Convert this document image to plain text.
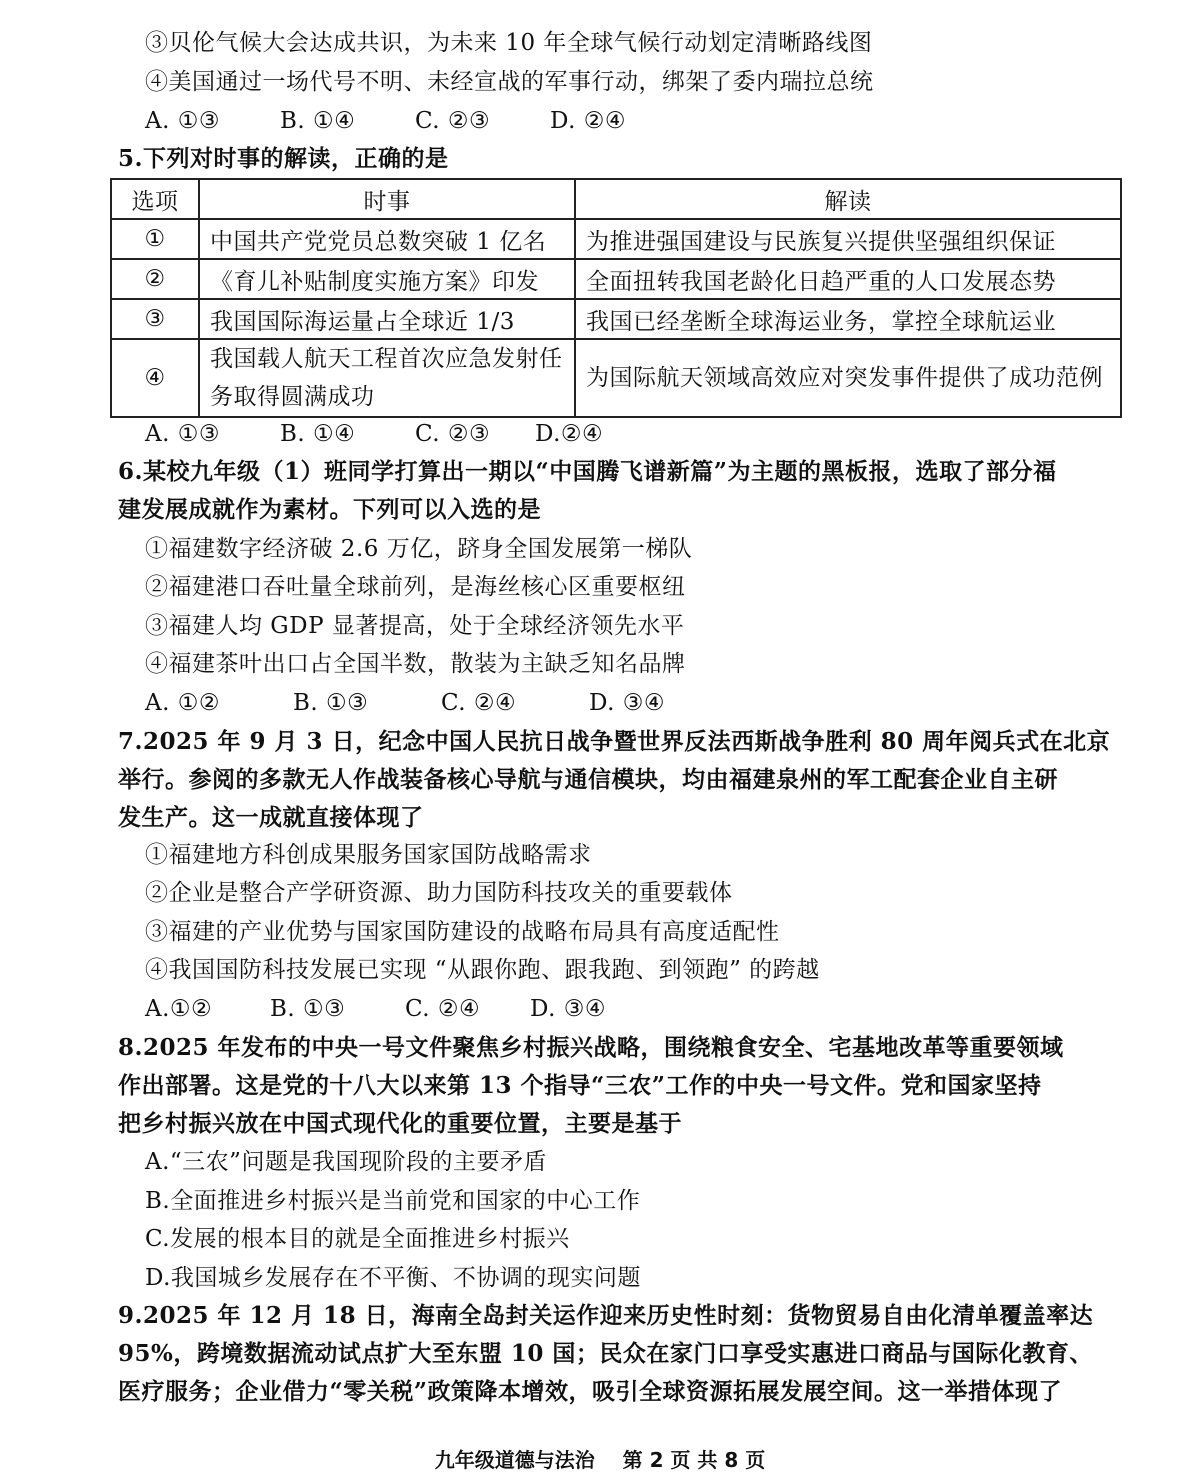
③贝伦气候大会达成共识，为未来 10 年全球气候行动划定清晰路线图
④美国通过一场代号不明、未经宣战的军事行动，绑架了委内瑞拉总统
A. ①③	B. ①④	C. ②③	D. ②④
5.下列对时事的解读，正确的是
选项	时事	解读
①	中国共产党党员总数突破 1 亿名	为推进强国建设与民族复兴提供坚强组织保证
②	《育儿补贴制度实施方案》印发	全面扭转我国老龄化日趋严重的人口发展态势
③	我国国际海运量占全球近 1/3	我国已经垄断全球海运业务，掌控全球航运业
④	我国载人航天工程首次应急发射任务取得圆满成功	为国际航天领域高效应对突发事件提供了成功范例
A. ①③	B. ①④	C. ②③ D.②④
6.某校九年级（1）班同学打算出一期以“中国腾飞谱新篇”为主题的黑板报，选取了部分福
建发展成就作为素材。下列可以入选的是
①福建数字经济破 2.6 万亿，跻身全国发展第一梯队
②福建港口吞吐量全球前列，是海丝核心区重要枢纽
③福建人均 GDP 显著提高，处于全球经济领先水平
④福建茶叶出口占全国半数，散装为主缺乏知名品牌
A. ①②	B. ①③	C. ②④	D. ③④
7.2025 年 9 月 3 日，纪念中国人民抗日战争暨世界反法西斯战争胜利 80 周年阅兵式在北京
举行。参阅的多款无人作战装备核心导航与通信模块，均由福建泉州的军工配套企业自主研
发生产。这一成就直接体现了
①福建地方科创成果服务国家国防战略需求
②企业是整合产学研资源、助力国防科技攻关的重要载体
③福建的产业优势与国家国防建设的战略布局具有高度适配性
④我国国防科技发展已实现 “从跟你跑、跟我跑、到领跑” 的跨越
A.①②	B. ①③	C. ②④ D. ③④
8.2025 年发布的中央一号文件聚焦乡村振兴战略，围绕粮食安全、宅基地改革等重要领域
作出部署。这是党的十八大以来第 13 个指导“三农”工作的中央一号文件。党和国家坚持
把乡村振兴放在中国式现代化的重要位置，主要是基于
A.“三农”问题是我国现阶段的主要矛盾
B.全面推进乡村振兴是当前党和国家的中心工作
C.发展的根本目的就是全面推进乡村振兴
D.我国城乡发展存在不平衡、不协调的现实问题
9.2025 年 12 月 18 日，海南全岛封关运作迎来历史性时刻：货物贸易自由化清单覆盖率达
95%，跨境数据流动试点扩大至东盟 10 国；民众在家门口享受实惠进口商品与国际化教育、
医疗服务；企业借力“零关税”政策降本增效，吸引全球资源拓展发展空间。这一举措体现了
九年级道德与法治    第 2 页 共 8 页
